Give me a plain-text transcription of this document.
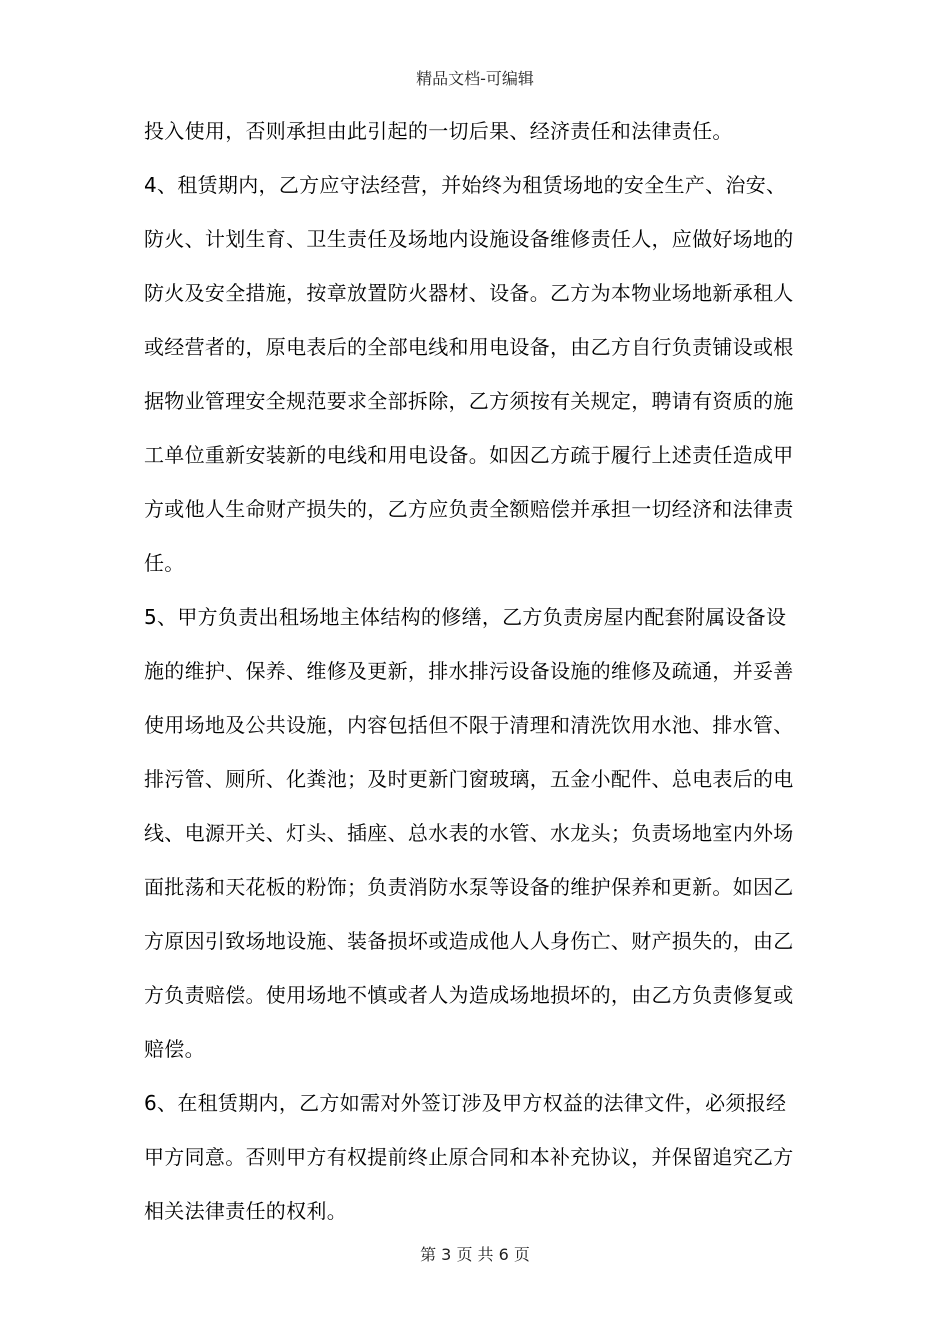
精品文档-可编辑
投入使用，否则承担由此引起的一切后果、经济责任和法律责任。
4、租赁期内，乙方应守法经营，并始终为租赁场地的安全生产、治安、
防火、计划生育、卫生责任及场地内设施设备维修责任人，应做好场地的
防火及安全措施，按章放置防火器材、设备。乙方为本物业场地新承租人
或经营者的，原电表后的全部电线和用电设备，由乙方自行负责铺设或根
据物业管理安全规范要求全部拆除，乙方须按有关规定，聘请有资质的施
工单位重新安装新的电线和用电设备。如因乙方疏于履行上述责任造成甲
方或他人生命财产损失的，乙方应负责全额赔偿并承担一切经济和法律责
任。
5、甲方负责出租场地主体结构的修缮，乙方负责房屋内配套附属设备设
施的维护、保养、维修及更新，排水排污设备设施的维修及疏通，并妥善
使用场地及公共设施，内容包括但不限于清理和清洗饮用水池、排水管、
排污管、厕所、化粪池；及时更新门窗玻璃，五金小配件、总电表后的电
线、电源开关、灯头、插座、总水表的水管、水龙头；负责场地室内外场
面批荡和天花板的粉饰；负责消防水泵等设备的维护保养和更新。如因乙
方原因引致场地设施、装备损坏或造成他人人身伤亡、财产损失的，由乙
方负责赔偿。使用场地不慎或者人为造成场地损坏的，由乙方负责修复或
赔偿。
6、在租赁期内，乙方如需对外签订涉及甲方权益的法律文件，必须报经
甲方同意。否则甲方有权提前终止原合同和本补充协议，并保留追究乙方
相关法律责任的权利。
第 3 页 共 6 页
